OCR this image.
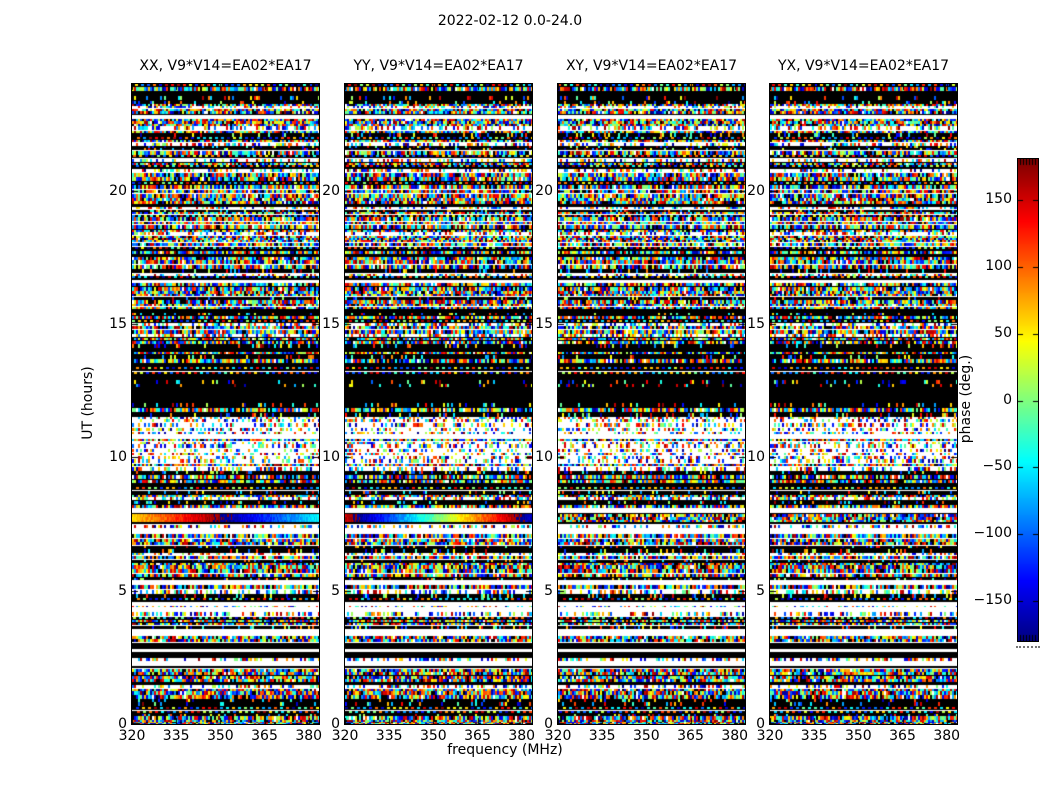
2022-02-12 0.0-24.0
XX, V9*V14=EA02*EA17
320	335	350	365	380
0
5
10
15
20
YY, V9*V14=EA02*EA17
320	335	350	365	380
0
5
10
15
20
XY, V9*V14=EA02*EA17
320	335	350	365	380
0
5
10
15
20
YX, V9*V14=EA02*EA17
320	335	350	365	380
0
5
10
15
20
frequency (MHz)
UT (hours)
150
100
50
0
−50
−100
−150
phase (deg.)
